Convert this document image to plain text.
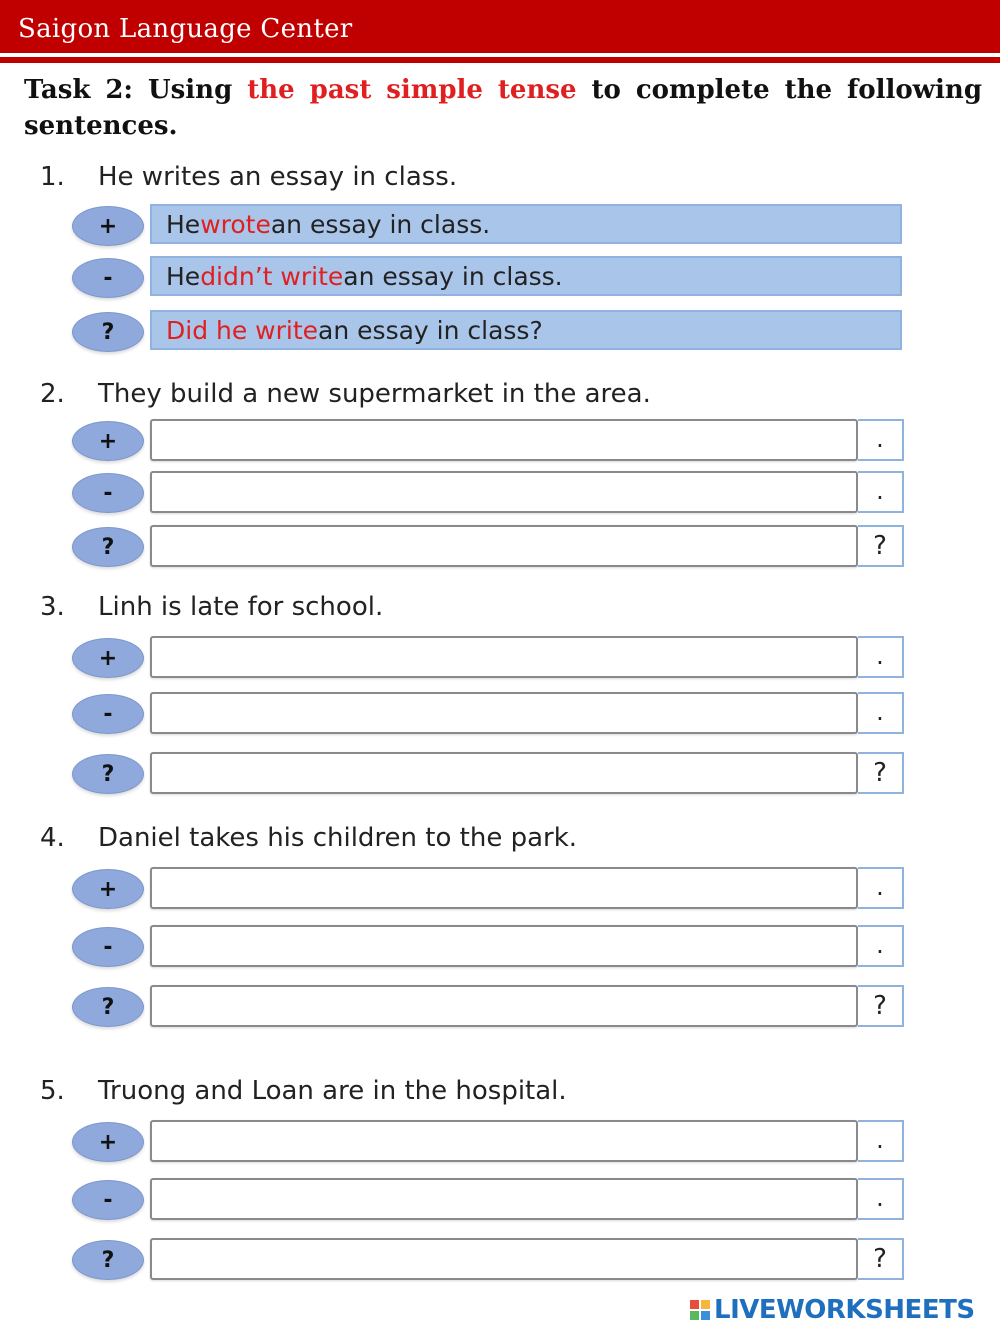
Saigon Language Center
Task 2: Using the past simple tense to complete the following sentences.
1. He writes an essay in class.
+	He wrote an essay in class.
-	He didn’t write an essay in class.
?	Did he write an essay in class?
2. They build a new supermarket in the area.
+	.
-	.
?	?
3. Linh is late for school.
+	.
-	.
?	?
4. Daniel takes his children to the park.
+	.
-	.
?	?
5. Truong and Loan are in the hospital.
+	.
-	.
?	?
LIVEWORKSHEETS
